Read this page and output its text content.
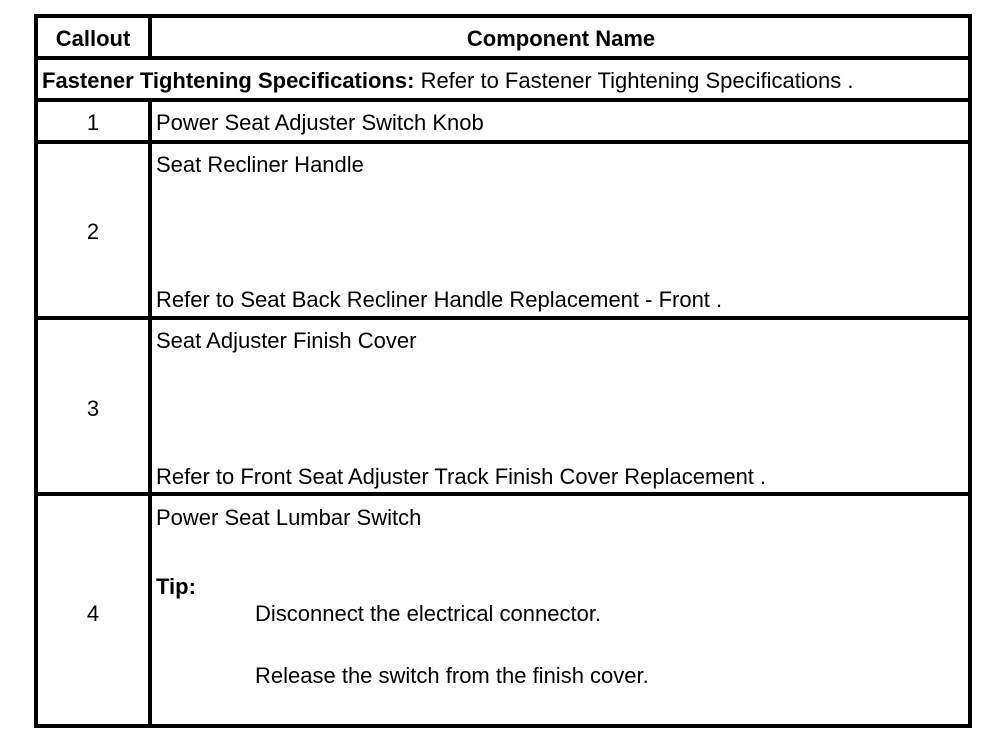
Callout	Component Name
Fastener Tightening Specifications: Refer to Fastener Tightening Specifications .
1	Power Seat Adjuster Switch Knob
2
Seat Recliner Handle
Refer to Seat Back Recliner Handle Replacement - Front .
3
Seat Adjuster Finish Cover
Refer to Front Seat Adjuster Track Finish Cover Replacement .
4
Power Seat Lumbar Switch
Tip:
Disconnect the electrical connector.
Release the switch from the finish cover.
